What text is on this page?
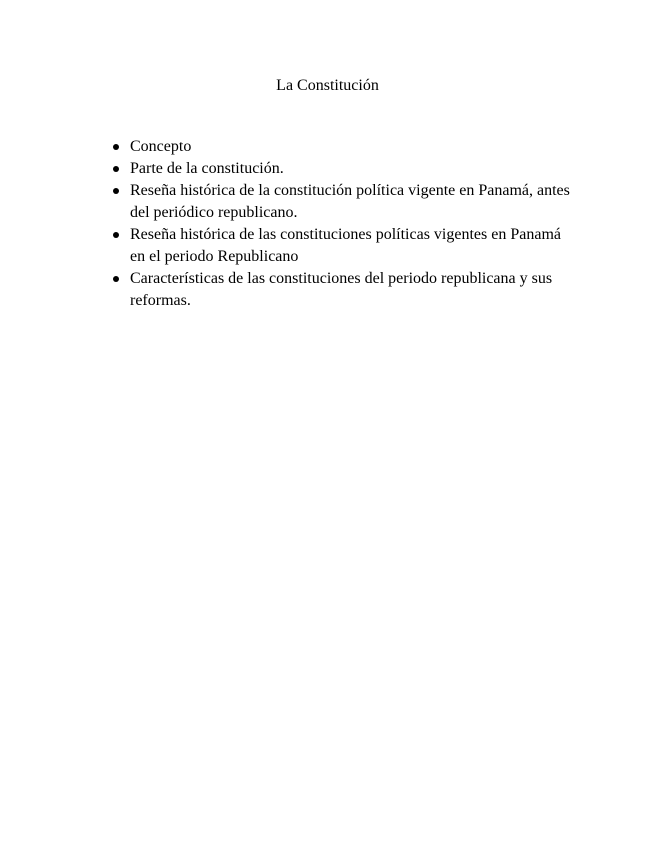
La Constitución
Concepto
Parte de la constitución.
Reseña histórica de la constitución política vigente en Panamá, antes del periódico republicano.
Reseña histórica de las constituciones políticas vigentes en Panamá en el periodo Republicano
Características de las constituciones del periodo republicana y sus reformas.
